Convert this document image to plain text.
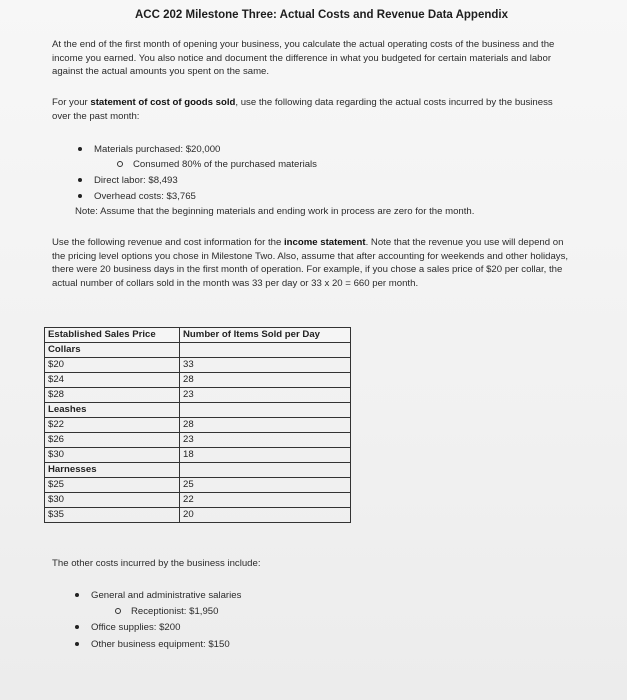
ACC 202 Milestone Three: Actual Costs and Revenue Data Appendix
At the end of the first month of opening your business, you calculate the actual operating costs of the business and the income you earned. You also notice and document the difference in what you budgeted for certain materials and labor against the actual amounts you spent on the same.
For your statement of cost of goods sold, use the following data regarding the actual costs incurred by the business over the past month:
Materials purchased: $20,000
Consumed 80% of the purchased materials
Direct labor: $8,493
Overhead costs: $3,765
Note: Assume that the beginning materials and ending work in process are zero for the month.
Use the following revenue and cost information for the income statement. Note that the revenue you use will depend on the pricing level options you chose in Milestone Two. Also, assume that after accounting for weekends and other holidays, there were 20 business days in the first month of operation. For example, if you chose a sales price of $20 per collar, the actual number of collars sold in the month was 33 per day or 33 x 20 = 660 per month.
Established Sales Price	Number of Items Sold per Day
Collars	
$20	33
$24	28
$28	23
Leashes	
$22	28
$26	23
$30	18
Harnesses	
$25	25
$30	22
$35	20
The other costs incurred by the business include:
General and administrative salaries
Receptionist: $1,950
Office supplies: $200
Other business equipment: $150
